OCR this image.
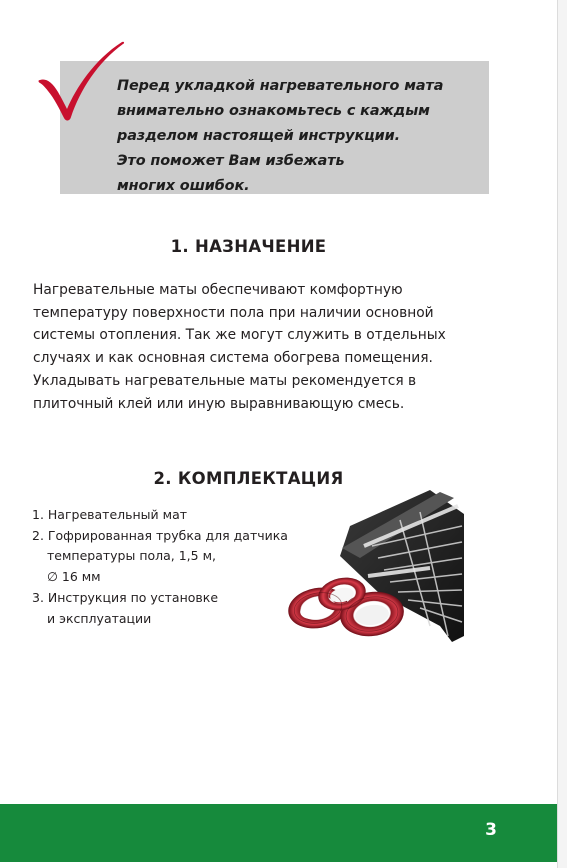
Перед укладкой нагревательного мата
внимательно ознакомьтесь с каждым
разделом настоящей инструкции.
Это поможет Вам избежать
многих ошибок.
1. НАЗНАЧЕНИЕ
Нагревательные маты обеспечивают комфортную
температуру поверхности пола при наличии основной
системы отопления. Так же могут служить в отдельных
случаях и как основная система обогрева помещения.
Укладывать нагревательные маты рекомендуется в
плиточный клей или иную выравнивающую смесь.
2. КОМПЛЕКТАЦИЯ
1. Нагревательный мат
2. Гофрированная трубка для датчика
температуры пола, 1,5 м,
∅ 16 мм
3. Инструкция по установке
и эксплуатации
3
